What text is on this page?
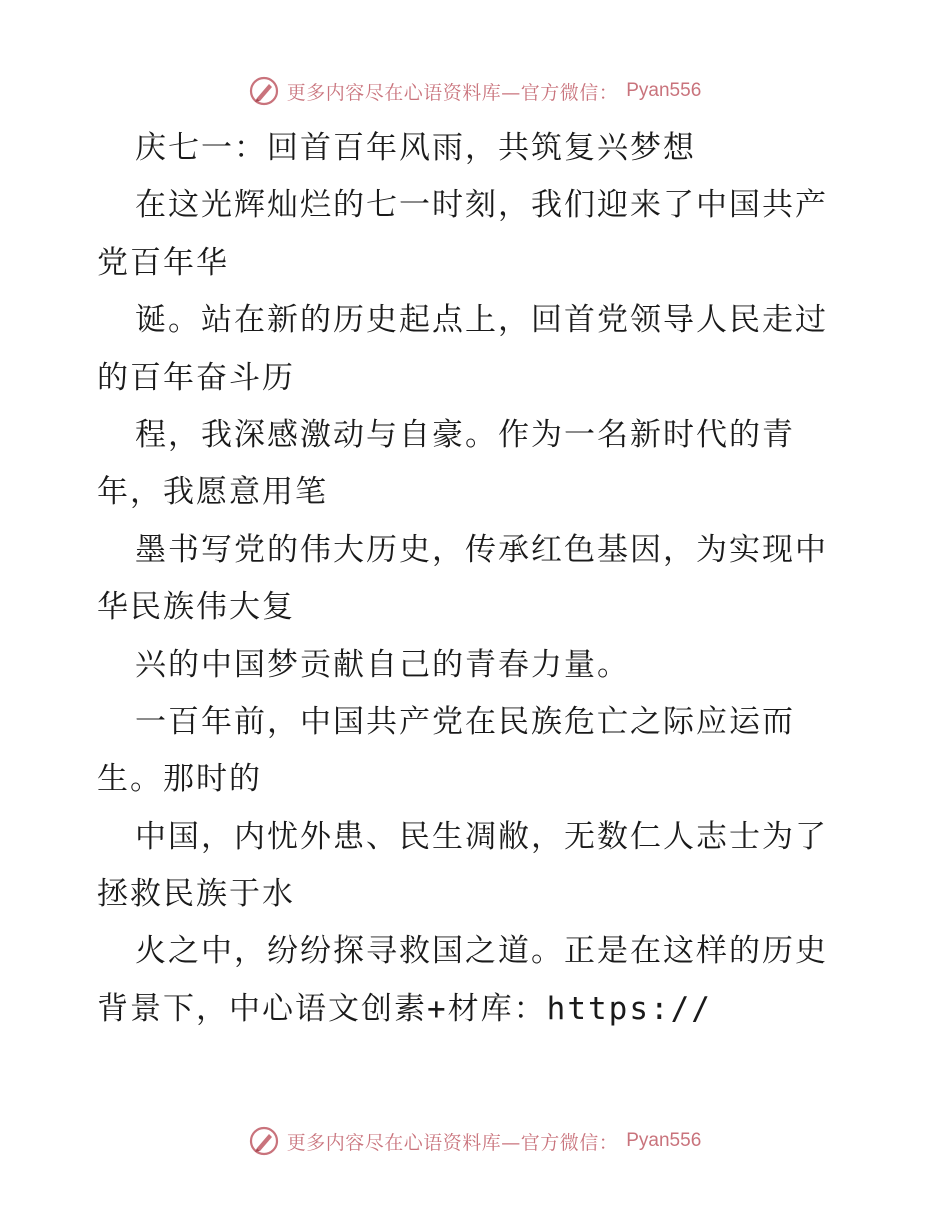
更多内容尽在心语资料库—官方微信： Pyan556
庆七一：回首百年风雨，共筑复兴梦想
在这光辉灿烂的七一时刻，我们迎来了中国共产
党百年华
诞。站在新的历史起点上，回首党领导人民走过
的百年奋斗历
程，我深感激动与自豪。作为一名新时代的青
年，我愿意用笔
墨书写党的伟大历史，传承红色基因，为实现中
华民族伟大复
兴的中国梦贡献自己的青春力量。
一百年前，中国共产党在民族危亡之际应运而
生。那时的
中国，内忧外患、民生凋敝，无数仁人志士为了
拯救民族于水
火之中，纷纷探寻救国之道。正是在这样的历史
背景下，中心语文创素+材库：https://
更多内容尽在心语资料库—官方微信： Pyan556
